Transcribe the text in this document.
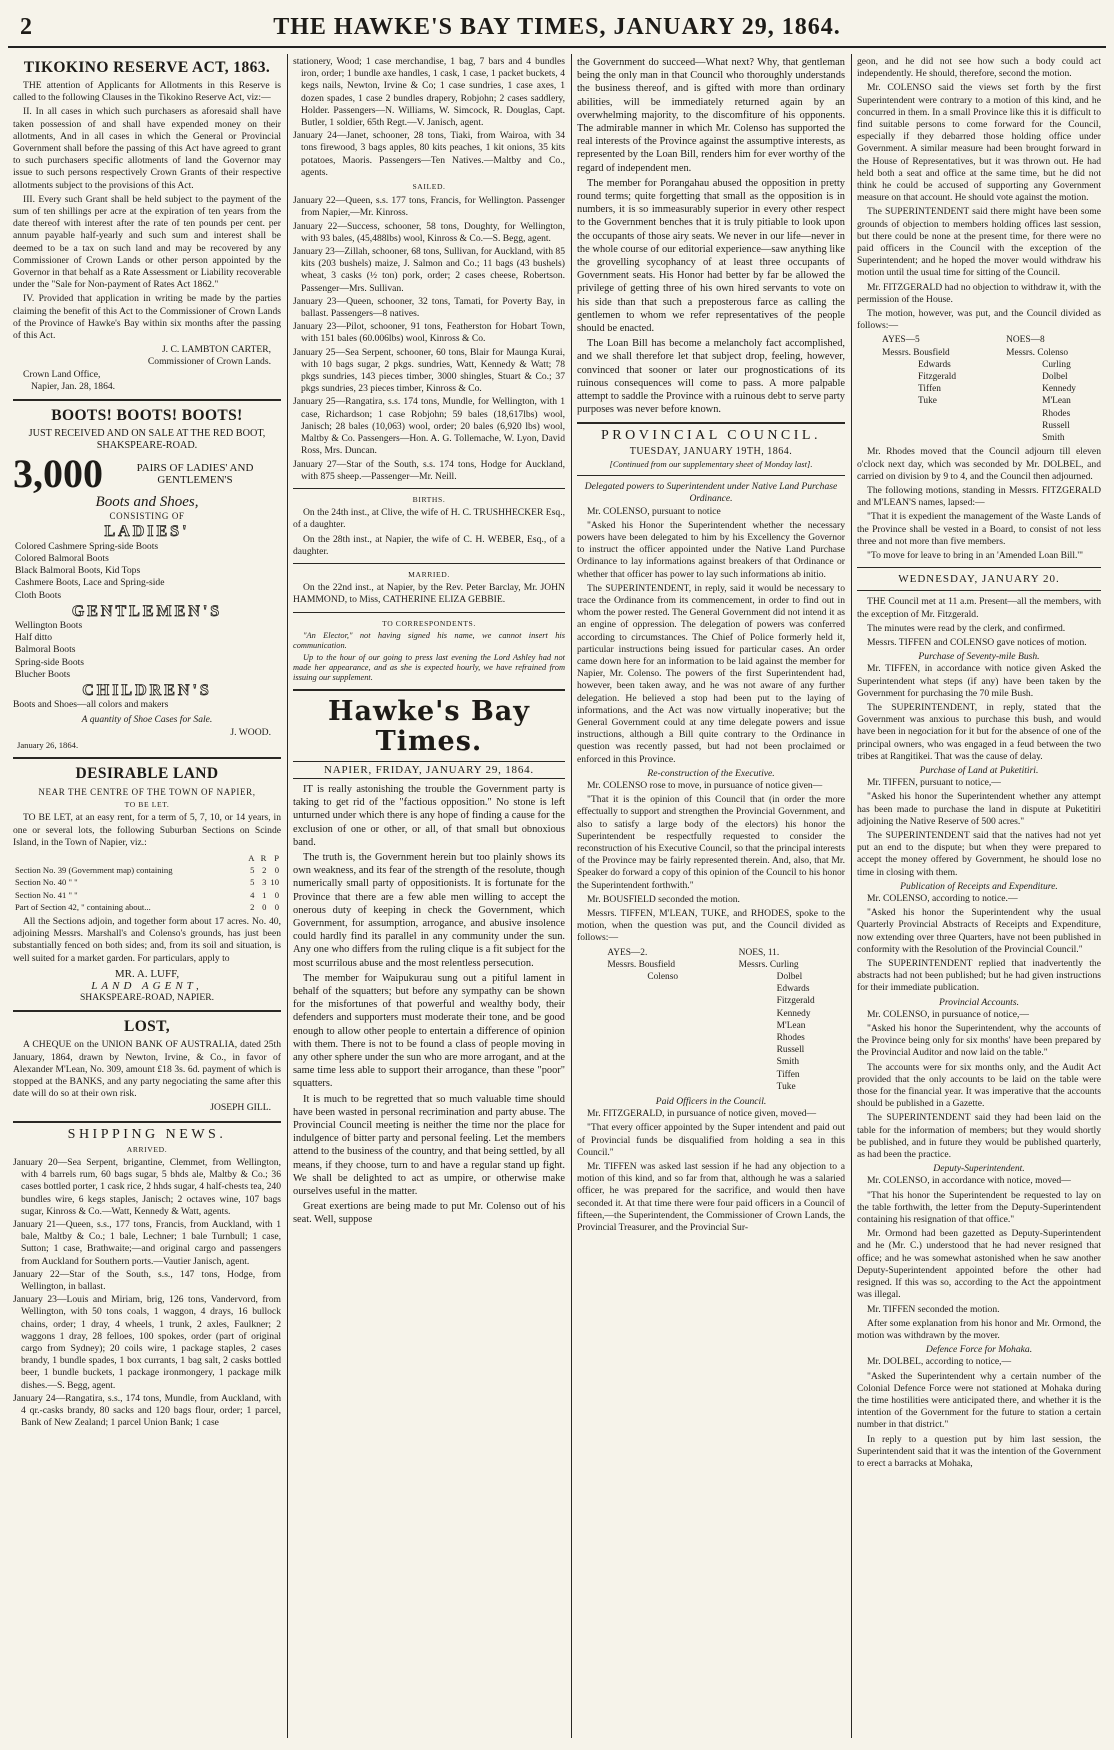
2	THE HAWKE'S BAY TIMES, JANUARY 29, 1864.
TIKOKINO RESERVE ACT, 1863.

THE attention of Applicants for Allotments in this Reserve is called to the following Clauses in the Tikokino Reserve Act, viz:—

II. In all cases in which such purchasers as aforesaid shall have taken possession of and shall have expended money on their allotments, And in all cases in which the General or Provincial Government shall before the passing of this Act have agreed to grant to such purchasers specific allotments of land the Governor may issue to such persons respectively Crown Grants of their respective allotments subject to the provisions of this Act.

III. Every such Grant shall be held subject to the payment of the sum of ten shillings per acre at the expiration of ten years from the date thereof with interest after the rate of ten pounds per cent. per annum payable half-yearly and such sum and interest shall be deemed to be a tax on such land and may be recovered by any Commissioner of Crown Lands or other person appointed by the Governor in that behalf as a Rate Assessment or Liability recoverable under the "Sale for Non-payment of Rates Act 1862."

IV. Provided that application in writing be made by the parties claiming the benefit of this Act to the Commissioner of Crown Lands of the Province of Hawke's Bay within six months after the passing of this Act.

J. C. LAMBTON CARTER,
Commissioner of Crown Lands.
Crown Land Office,
Napier, Jan. 28, 1864.
BOOTS! BOOTS! BOOTS!
JUST RECEIVED AND ON SALE AT THE RED BOOT, SHAKSPEARE-ROAD.
3,000	PAIRS OF LADIES' AND GENTLEMEN'S
Boots and Shoes,
CONSISTING OF
LADIES'
Colored Cashmere Spring-side Boots
Colored Balmoral Boots
Black Balmoral Boots, Kid Tops
Cashmere Boots, Lace and Spring-side
Cloth Boots
GENTLEMEN'S
Wellington Boots
Half ditto
Balmoral Boots
Spring-side Boots
Blucher Boots
CHILDREN'S
Boots and Shoes—all colors and makers
A quantity of Shoe Cases for Sale.
J. WOOD.
January 26, 1864.
DESIRABLE LAND
NEAR THE CENTRE OF THE TOWN OF NAPIER,
TO BE LET.

TO BE LET, at an easy rent, for a term of 5, 7, 10, or 14 years, in one or several lots, the following Suburban Sections on Scinde Island, in the Town of Napier, viz.:

	A	R	P
Section No. 39 (Government map) containing	5	2	0
Section No. 40 " "	5	3	10
Section No. 41 " "	4	1	0
Part of Section 42, " containing about...	2	0	0

All the Sections adjoin, and together form about 17 acres. No. 40, adjoining Messrs. Marshall's and Colenso's grounds, has just been substantially fenced on both sides; and, from its soil and situation, is well suited for a market garden. For particulars, apply to

MR. A. LUFF,
LAND AGENT,
SHAKSPEARE-ROAD, NAPIER.
LOST,

A CHEQUE on the UNION BANK OF AUSTRALIA, dated 25th January, 1864, drawn by Newton, Irvine, & Co., in favor of Alexander M'Lean, No. 309, amount £18 3s. 6d. payment of which is stopped at the BANKS, and any party negociating the same after this date will do so at their own risk.

JOSEPH GILL.
SHIPPING NEWS.
ARRIVED.
January 20—Sea Serpent, brigantine, Clemmet, from Wellington, with 4 barrels rum, 60 bags sugar, 5 bhds ale, Maltby & Co.; 36 cases bottled porter, 1 cask rice, 2 hhds sugar, 4 half-chests tea, 240 bundles wire, 6 kegs staples, Janisch; 2 octaves wine, 107 bags sugar, Kinross & Co.—Watt, Kennedy & Watt, agents.
January 21—Queen, s.s., 177 tons, Francis, from Auckland, with 1 bale, Maltby & Co.; 1 bale, Lechner; 1 bale Turnbull; 1 case, Sutton; 1 case, Brathwaite;—and original cargo and passengers from Auckland for Southern ports.—Vautier Janisch, agent.
January 22—Star of the South, s.s., 147 tons, Hodge, from Wellington, in ballast.
January 23—Louis and Miriam, brig, 126 tons, Vandervord, from Wellington, with 50 tons coals, 1 waggon, 4 drays, 16 bullock chains, order; 1 dray, 4 wheels, 1 trunk, 2 axles, Faulkner; 2 waggons 1 dray, 28 felloes, 100 spokes, order (part of original cargo from Sydney); 20 coils wire, 1 package staples, 2 cases brandy, 1 bundle spades, 1 box currants, 1 bag salt, 2 casks bottled beer, 1 bundle buckets, 1 package ironmongery, 1 package milk dishes.—S. Begg, agent.
January 24—Rangatira, s.s., 174 tons, Mundle, from Auckland, with 4 qr.-casks brandy, 80 sacks and 120 bags flour, order; 1 parcel, Bank of New Zealand; 1 parcel Union Bank; 1 case
stationery, Wood; 1 case merchandise, 1 bag, 7 bars and 4 bundles iron, order; 1 bundle axe handles, 1 cask, 1 case, 1 packet buckets, 4 kegs nails, Newton, Irvine & Co; 1 case sundries, 1 case axes, 1 dozen spades, 1 case 2 bundles drapery, Robjohn; 2 cases saddlery, Holder. Passengers—N. Williams, W. Simcock, R. Douglas, Capt. Butler, 1 soldier, 65th Regt.—V. Janisch, agent.
January 24—Janet, schooner, 28 tons, Tiaki, from Wairoa, with 34 tons firewood, 3 bags apples, 80 kits peaches, 1 kit onions, 35 kits potatoes, Maoris. Passengers—Ten Natives.—Maltby and Co., agents.
SAILED.
January 22—Queen, s.s. 177 tons, Francis, for Wellington. Passenger from Napier,—Mr. Kinross.
January 22—Success, schooner, 58 tons, Doughty, for Wellington, with 93 bales, (45,488lbs) wool, Kinross & Co.—S. Begg, agent.
January 23—Zillah, schooner, 68 tons, Sullivan, for Auckland, with 85 kits (203 bushels) maize, J. Salmon and Co.; 11 bags (43 bushels) wheat, 3 casks (½ ton) pork, order; 2 cases cheese, Robertson. Passenger—Mrs. Sullivan.
January 23—Queen, schooner, 32 tons, Tamati, for Poverty Bay, in ballast. Passengers—8 natives.
January 23—Pilot, schooner, 91 tons, Featherston for Hobart Town, with 151 bales (60.006lbs) wool, Kinross & Co.
January 25—Sea Serpent, schooner, 60 tons, Blair for Maunga Kurai, with 10 bags sugar, 2 pkgs. sundries, Watt, Kennedy & Watt; 78 pkgs sundries, 143 pieces timber, 3000 shingles, Stuart & Co.; 37 pkgs sundries, 23 pieces timber, Kinross & Co.
January 25—Rangatira, s.s. 174 tons, Mundle, for Wellington, with 1 case, Richardson; 1 case Robjohn; 59 bales (18,617lbs) wool, Janisch; 28 bales (10,063) wool, order; 20 bales (6,920 lbs) wool, Maltby & Co. Passengers—Hon. A. G. Tollemache, W. Lyon, David Ross, Mrs. Duncan.
January 27—Star of the South, s.s. 174 tons, Hodge for Auckland, with 875 sheep.—Passenger—Mr. Neill.
BIRTHS.

On the 24th inst., at Clive, the wife of H. C. TRUSHHECKER Esq., of a daughter.

On the 28th inst., at Napier, the wife of C. H. WEBER, Esq., of a daughter.

MARRIED.

On the 22nd inst., at Napier, by the Rev. Peter Barclay, Mr. JOHN HAMMOND, to Miss, CATHERINE ELIZA GEBBIE.

TO CORRESPONDENTS.

"An Elector," not having signed his name, we cannot insert his communication.

Up to the hour of our going to press last evening the Lord Ashley had not made her appearance, and as she is expected hourly, we have refrained from issuing our supplement.

Hawke's Bay Times.
NAPIER, FRIDAY, JANUARY 29, 1864.

IT is really astonishing the trouble the Government party is taking to get rid of the "factious opposition." No stone is left unturned under which there is any hope of finding a cause for the exclusion of one or other, or all, of that small but obnoxious band.

The truth is, the Government herein but too plainly shows its own weakness, and its fear of the strength of the resolute, though numerically small party of oppositionists. It is fortunate for the Province that there are a few able men willing to accept the onerous duty of keeping in check the Government, which Government, for assumption, arrogance, and abusive insolence could hardly find its parallel in any community under the sun. Any one who differs from the ruling clique is a fit subject for the most scurrilous abuse and the most relentless persecution.

The member for Waipukurau sung out a pitiful lament in behalf of the squatters; but before any sympathy can be shown for the misfortunes of that powerful and wealthy body, their defenders and supporters must moderate their tone, and be good enough to allow other people to entertain a difference of opinion with them. There is not to be found a class of people moving in any other sphere under the sun who are more arrogant, and at the same time less able to support their arrogance, than these "poor" squatters.

It is much to be regretted that so much valuable time should have been wasted in personal recrimination and party abuse. The Provincial Council meeting is neither the time nor the place for indulgence of bitter party and personal feeling. Let the members attend to the business of the country, and that being settled, by all means, if they choose, turn to and have a regular stand up fight. We shall be delighted to act as umpire, or otherwise make ourselves useful in the matter.

Great exertions are being made to put Mr. Colenso out of his seat. Well, suppose

the Government do succeed—What next? Why, that gentleman being the only man in that Council who thoroughly understands the business thereof, and is gifted with more than ordinary abilities, will be immediately returned again by an overwhelming majority, to the discomfiture of his opponents. The admirable manner in which Mr. Colenso has supported the real interests of the Province against the assumptive interests, as represented by the Loan Bill, renders him for ever worthy of the regard of independent men.

The member for Porangahau abused the opposition in pretty round terms; quite forgetting that small as the opposition is in numbers, it is so immeasurably superior in every other respect to the Government benches that it is truly pitiable to look upon the occupants of those airy seats. We never in our life—never in the whole course of our editorial experience—saw anything like the grovelling sycophancy of at least three occupants of Government seats. His Honor had better by far be allowed the privilege of getting three of his own hired servants to vote on his side than that such a preposterous farce as calling the gentlemen to whom we refer representatives of the people should be enacted.

The Loan Bill has become a melancholy fact accomplished, and we shall therefore let that subject drop, feeling, however, convinced that sooner or later our prognostications of its ruinous consequences will come to pass. A more palpable attempt to saddle the Province with a ruinous debt to serve party purposes was never before known.

PROVINCIAL COUNCIL.
TUESDAY, JANUARY 19TH, 1864.
[Continued from our supplementary sheet of Monday last].
Delegated powers to Superintendent under Native Land Purchase Ordinance.

Mr. COLENSO, pursuant to notice

"Asked his Honor the Superintendent whether the necessary powers have been delegated to him by his Excellency the Governor to instruct the officer appointed under the Native Land Purchase Ordinance to lay informations against breakers of that Ordinance or whether that officer has power to lay such informations ab initio.

The SUPERINTENDENT, in reply, said it would be necessary to trace the Ordinance from its commencement, in order to find out in whom the power rested. The General Government did not intend it as an engine of oppression. The delegation of powers was conferred according to circumstances. The Chief of Police formerly held it, particular instructions being issued for particular cases. An order came down here for an information to be laid against the member for Napier, Mr. Colenso. The powers of the first Superintendent had, however, been taken away, and he was not aware of any further delegation. He believed a stop had been put to the laying of informations, and the Act was now virtually inoperative; but the General Government could at any time delegate powers and issue instructions, although a Bill quite contrary to the Ordinance in question was recently passed, but had not been proclaimed or enforced in this Province.

Re-construction of the Executive.

Mr. COLENSO rose to move, in pursuance of notice given—

"That it is the opinion of this Council that (in order the more effectually to support and strengthen the Provincial Government, and also to satisfy a large body of the electors) his honor the Superintendent be respectfully requested to consider the reconstruction of his Executive Council, so that the principal interests of the Province may be fairly represented therein. And, also, that Mr. Speaker do forward a copy of this opinion of the Council to his honor the Superintendent forthwith."

Mr. BOUSFIELD seconded the motion.

Messrs. TIFFEN, M'LEAN, TUKE, and RHODES, spoke to the motion, when the question was put, and the Council divided as follows:—

AYES—2.
Messrs. Bousfield
Colenso
NOES, 11.
Messrs. Curling
Dolbel
Edwards
Fitzgerald
Kennedy
M'Lean
Rhodes
Russell
Smith
Tiffen
Tuke
Paid Officers in the Council.

Mr. FITZGERALD, in pursuance of notice given, moved—

"That every officer appointed by the Super intendent and paid out of Provincial funds be disqualified from holding a sea in this Council."

Mr. TIFFEN was asked last session if he had any objection to a motion of this kind, and so far from that, although he was a salaried officer, he was prepared for the sacrifice, and would then have seconded it. At that time there were four paid officers in a Council of fifteen,—the Superintendent, the Commissioner of Crown Lands, the Provincial Treasurer, and the Provincial Sur-

geon, and he did not see how such a body could act independently. He should, therefore, second the motion.

Mr. COLENSO said the views set forth by the first Superintendent were contrary to a motion of this kind, and he concurred in them. In a small Province like this it is difficult to find suitable persons to come forward for the Council, especially if they debarred those holding office under Government. A similar measure had been brought forward in the House of Representatives, but it was thrown out. He had held both a seat and office at the same time, but he did not think he could be accused of supporting any Government measure on that account. He should vote against the motion.

The SUPERINTENDENT said there might have been some grounds of objection to members holding offices last session, but there could be none at the present time, for there were no paid officers in the Council with the exception of the Superintendent; and he hoped the mover would withdraw his motion until the usual time for sitting of the Council.

Mr. FITZGERALD had no objection to withdraw it, with the permission of the House.

The motion, however, was put, and the Council divided as follows:—

AYES—5
Messrs. Bousfield
Edwards
Fitzgerald
Tiffen
Tuke
NOES—8
Messrs. Colenso
Curling
Dolbel
Kennedy
M'Lean
Rhodes
Russell
Smith

Mr. Rhodes moved that the Council adjourn till eleven o'clock next day, which was seconded by Mr. DOLBEL, and carried on division by 9 to 4, and the Council then adjourned.

The following motions, standing in Messrs. FITZGERALD and M'LEAN'S names, lapsed:—

"That it is expedient the management of the Waste Lands of the Province shall be vested in a Board, to consist of not less three and not more than five members.

"To move for leave to bring in an 'Amended Loan Bill.'"

WEDNESDAY, JANUARY 20.

THE Council met at 11 a.m. Present—all the members, with the exception of Mr. Fitzgerald.

The minutes were read by the clerk, and confirmed.

Messrs. TIFFEN and COLENSO gave notices of motion.

Purchase of Seventy-mile Bush.

Mr. TIFFEN, in accordance with notice given Asked the Superintendent what steps (if any) have been taken by the Government for purchasing the 70 mile Bush.

The SUPERINTENDENT, in reply, stated that the Government was anxious to purchase this bush, and would have been in negociation for it but for the absence of one of the principal owners, who was engaged in a feud between the two tribes at Rangitikei. That was the cause of delay.

Purchase of Land at Puketitiri.

Mr. TIFFEN, pursuant to notice,—

"Asked his honor the Superintendent whether any attempt has been made to purchase the land in dispute at Puketitiri adjoining the Native Reserve of 500 acres."

The SUPERINTENDENT said that the natives had not yet put an end to the dispute; but when they were prepared to accept the money offered by Government, he should lose no time in closing with them.

Publication of Receipts and Expenditure.

Mr. COLENSO, according to notice.—

"Asked his honor the Superintendent why the usual Quarterly Provincial Abstracts of Receipts and Expenditure, now extending over three Quarters, have not been published in conformity with the Resolution of the Provincial Council."

The SUPERINTENDENT replied that inadvertently the abstracts had not been published; but he had given instructions for their immediate publication.

Provincial Accounts.

Mr. COLENSO, in pursuance of notice,—

"Asked his honor the Superintendent, why the accounts of the Province being only for six months' have been prepared by the Provincial Auditor and now laid on the table."

The accounts were for six months only, and the Audit Act provided that the only accounts to be laid on the table were those for the financial year. It was imperative that the accounts should be published in a Gazette.

The SUPERINTENDENT said they had been laid on the table for the information of members; but they would shortly be published, and in future they would be published quarterly, as had been the practice.

Deputy-Superintendent.

Mr. COLENSO, in accordance with notice, moved—

"That his honor the Superintendent be requested to lay on the table forthwith, the letter from the Deputy-Superintendent containing his resignation of that office."

Mr. Ormond had been gazetted as Deputy-Superintendent and he (Mr. C.) understood that he had never resigned that office; and he was somewhat astonished when he saw another Deputy-Superintendent appointed before the other had resigned. If this was so, according to the Act the appointment was illegal.

Mr. TIFFEN seconded the motion.

After some explanation from his honor and Mr. Ormond, the motion was withdrawn by the mover.

Defence Force for Mohaka.

Mr. DOLBEL, according to notice,—

"Asked the Superintendent why a certain number of the Colonial Defence Force were not stationed at Mohaka during the time hostilities were anticipated there, and whether it is the intention of the Government for the future to station a certain number in that district."

In reply to a question put by him last session, the Superintendent said that it was the intention of the Government to erect a barracks at Mohaka,
